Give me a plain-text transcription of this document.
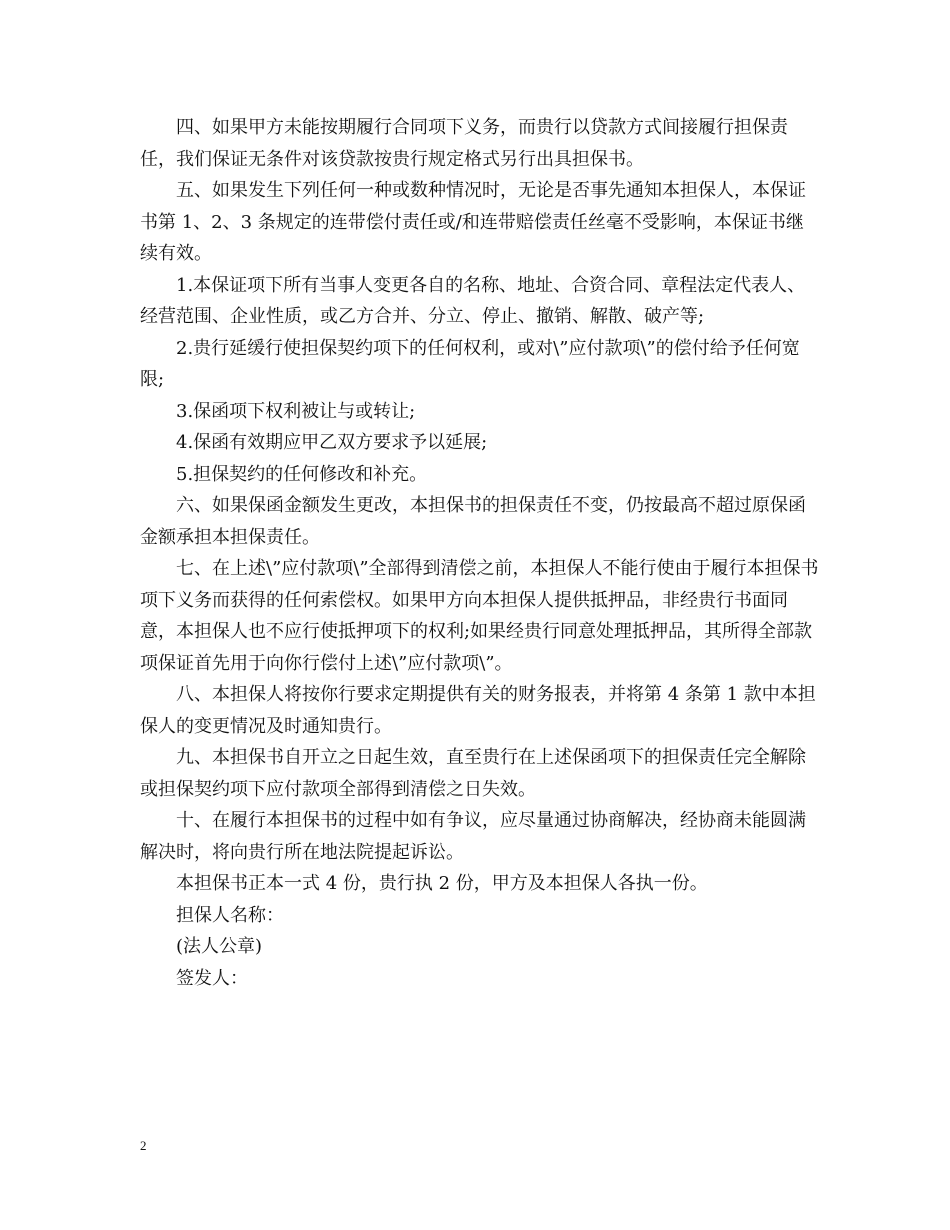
四、如果甲方未能按期履行合同项下义务，而贵行以贷款方式间接履行担保责任，我们保证无条件对该贷款按贵行规定格式另行出具担保书。

五、如果发生下列任何一种或数种情况时，无论是否事先通知本担保人，本保证书第 1、2、3 条规定的连带偿付责任或/和连带赔偿责任丝毫不受影响，本保证书继续有效。

1.本保证项下所有当事人变更各自的名称、地址、合资合同、章程法定代表人、经营范围、企业性质，或乙方合并、分立、停止、撤销、解散、破产等;

2.贵行延缓行使担保契约项下的任何权利，或对\”应付款项\”的偿付给予任何宽限;

3.保函项下权利被让与或转让;

4.保函有效期应甲乙双方要求予以延展;

5.担保契约的任何修改和补充。

六、如果保函金额发生更改，本担保书的担保责任不变，仍按最高不超过原保函金额承担本担保责任。

七、在上述\”应付款项\”全部得到清偿之前，本担保人不能行使由于履行本担保书项下义务而获得的任何索偿权。如果甲方向本担保人提供抵押品，非经贵行书面同意，本担保人也不应行使抵押项下的权利;如果经贵行同意处理抵押品，其所得全部款项保证首先用于向你行偿付上述\”应付款项\”。

八、本担保人将按你行要求定期提供有关的财务报表，并将第 4 条第 1 款中本担保人的变更情况及时通知贵行。

九、本担保书自开立之日起生效，直至贵行在上述保函项下的担保责任完全解除或担保契约项下应付款项全部得到清偿之日失效。

十、在履行本担保书的过程中如有争议，应尽量通过协商解决，经协商未能圆满解决时，将向贵行所在地法院提起诉讼。

本担保书正本一式 4 份，贵行执 2 份，甲方及本担保人各执一份。

担保人名称：

(法人公章)

签发人：

2
